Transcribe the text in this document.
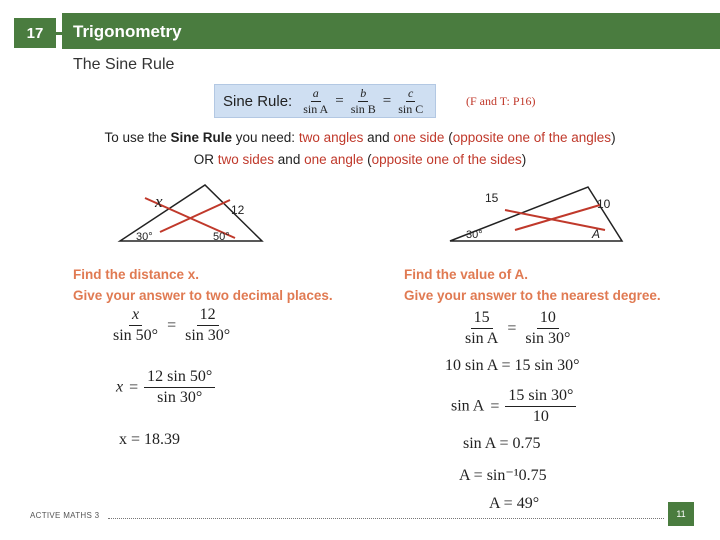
17	Trigonometry
The Sine Rule
Sine Rule: $\frac{a}{\text{sin A}} = \frac{b}{\text{sin B}} = \frac{c}{\text{sin C}}$	(F and T: P16)
To use the Sine Rule you need: two angles and one side (opposite one of the angles)
OR two sides and one angle (opposite one of the sides)
x	12
30°	50°
15	10
30°	A
Find the distance x.
Give your answer to two decimal places.
$\frac{x}{\sin 50^\circ} = \frac{12}{\sin 30^\circ}$
$x = \frac{12 \sin 50^\circ}{\sin 30^\circ}$
x = 18.39
Find the value of A.
Give your answer to the nearest degree.
$\frac{15}{\text{sin A}} = \frac{10}{\sin 30^\circ}$
10 sin A = 15 sin 30°
$\sin A = \frac{15 \sin 30^\circ}{10}$
sin A = 0.75
A = sin⁻¹0.75
A = 49°
ACTIVE MATHS 3	11
